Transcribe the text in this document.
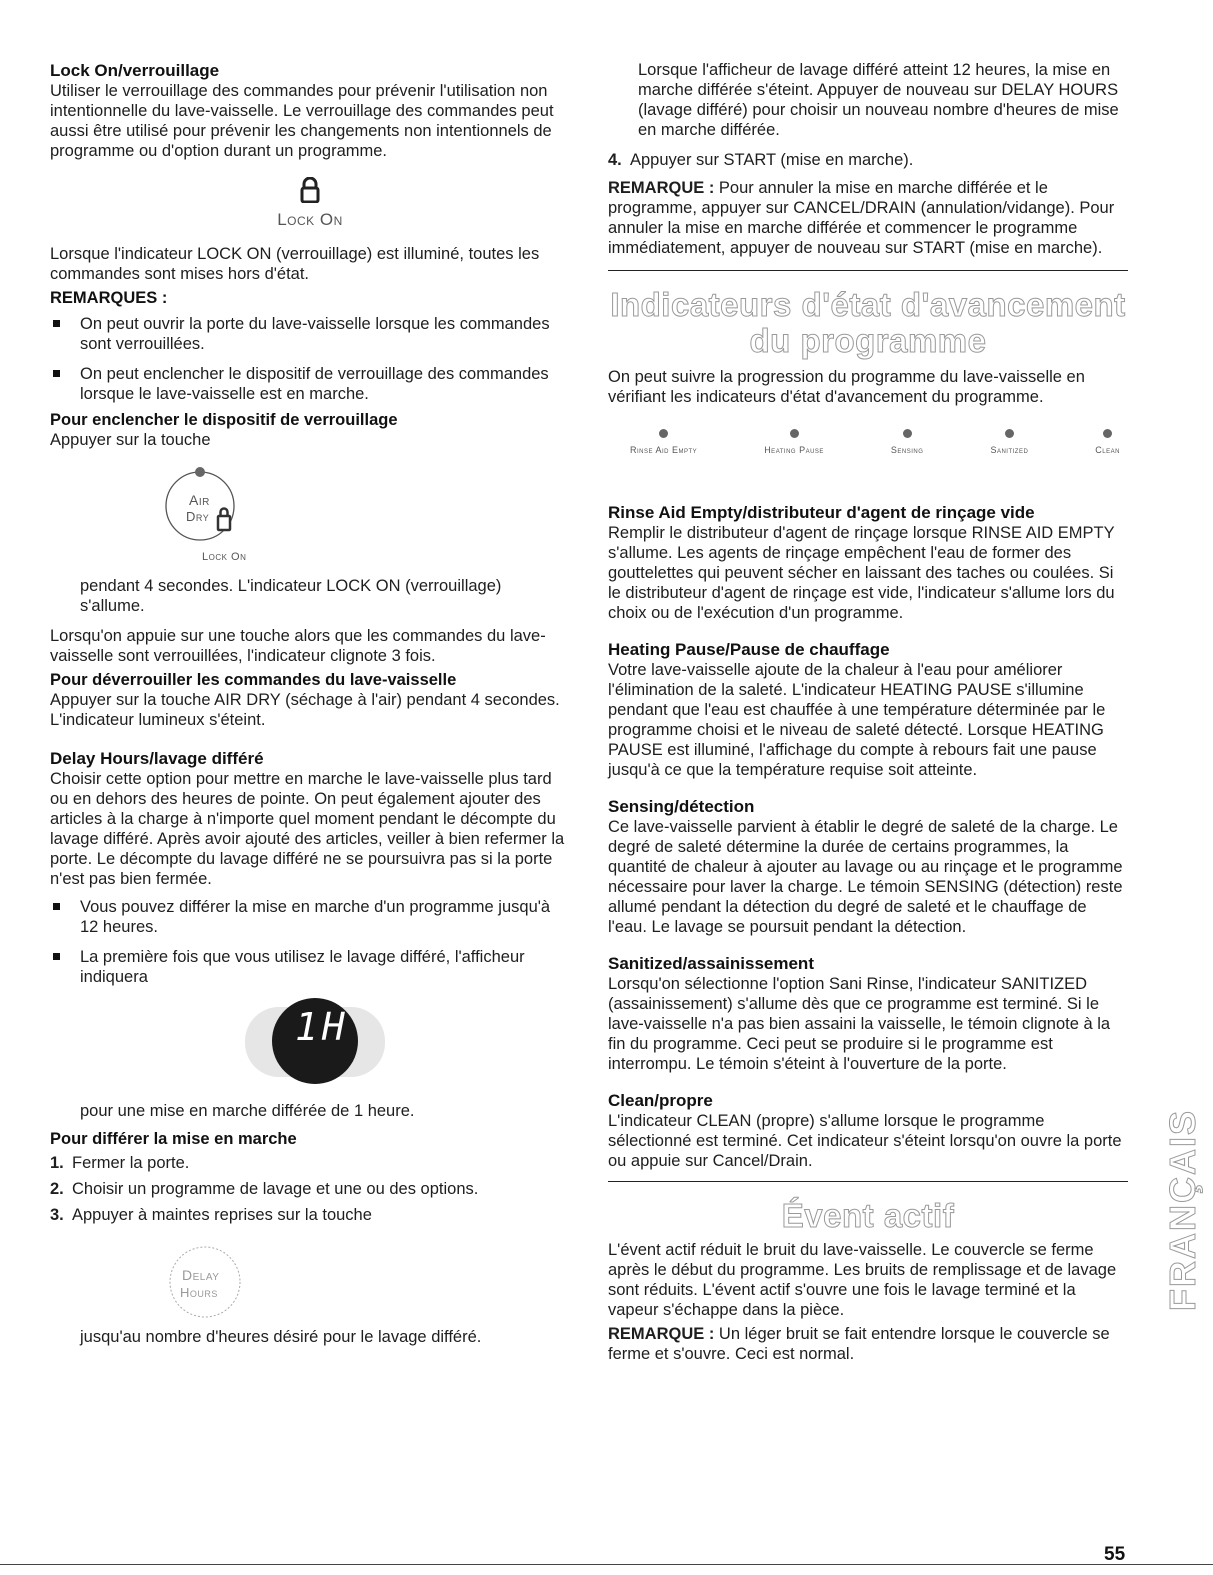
Lock On/verrouillage

Utiliser le verrouillage des commandes pour prévenir l'utilisation non intentionnelle du lave-vaisselle. Le verrouillage des commandes peut aussi être utilisé pour prévenir les changements non intentionnels de programme ou d'option durant un programme.

Lock On

Lorsque l'indicateur LOCK ON (verrouillage) est illuminé, toutes les commandes sont mises hors d'état.

REMARQUES :

On peut ouvrir la porte du lave-vaisselle lorsque les commandes sont verrouillées.

On peut enclencher le dispositif de verrouillage des commandes lorsque le lave-vaisselle est en marche.

Pour enclencher le dispositif de verrouillage

Appuyer sur la touche

Air
Dry
Lock On

pendant 4 secondes. L'indicateur LOCK ON (verrouillage) s'allume.

Lorsqu'on appuie sur une touche alors que les commandes du lave-vaisselle sont verrouillées, l'indicateur clignote 3 fois.

Pour déverrouiller les commandes du lave-vaisselle

Appuyer sur la touche AIR DRY (séchage à l'air) pendant 4 secondes. L'indicateur lumineux s'éteint.

Delay Hours/lavage différé

Choisir cette option pour mettre en marche le lave-vaisselle plus tard ou en dehors des heures de pointe. On peut également ajouter des articles à la charge à n'importe quel moment pendant le décompte du lavage différé. Après avoir ajouté des articles, veiller à bien refermer la porte. Le décompte du lavage différé ne se poursuivra pas si la porte n'est pas bien fermée.

Vous pouvez différer la mise en marche d'un programme jusqu'à 12 heures.

La première fois que vous utilisez le lavage différé, l'afficheur indiquera

1H

pour une mise en marche différée de 1 heure.

Pour différer la mise en marche

1. Fermer la porte.

2. Choisir un programme de lavage et une ou des options.

3. Appuyer à maintes reprises sur la touche

Delay
Hours

jusqu'au nombre d'heures désiré pour le lavage différé.

Lorsque l'afficheur de lavage différé atteint 12 heures, la mise en marche différée s'éteint. Appuyer de nouveau sur DELAY HOURS (lavage différé) pour choisir un nouveau nombre d'heures de mise en marche différée.

4. Appuyer sur START (mise en marche).

REMARQUE : Pour annuler la mise en marche différée et le programme, appuyer sur CANCEL/DRAIN (annulation/vidange). Pour annuler la mise en marche différée et commencer le programme immédiatement, appuyer de nouveau sur START (mise en marche).

Indicateurs d'état d'avancement
du programme

On peut suivre la progression du programme du lave-vaisselle en vérifiant les indicateurs d'état d'avancement du programme.

Rinse Aid Empty	Heating Pause	Sensing	Sanitized	Clean
Rinse Aid Empty/distributeur d'agent de rinçage vide

Remplir le distributeur d'agent de rinçage lorsque RINSE AID EMPTY s'allume. Les agents de rinçage empêchent l'eau de former des gouttelettes qui peuvent sécher en laissant des taches ou coulées. Si le distributeur d'agent de rinçage est vide, l'indicateur s'allume lors du choix ou de l'exécution d'un programme.

Heating Pause/Pause de chauffage

Votre lave-vaisselle ajoute de la chaleur à l'eau pour améliorer l'élimination de la saleté. L'indicateur HEATING PAUSE s'illumine pendant que l'eau est chauffée à une température déterminée par le programme choisi et le niveau de saleté détecté. Lorsque HEATING PAUSE est illuminé, l'affichage du compte à rebours fait une pause jusqu'à ce que la température requise soit atteinte.

Sensing/détection

Ce lave-vaisselle parvient à établir le degré de saleté de la charge. Le degré de saleté détermine la durée de certains programmes, la quantité de chaleur à ajouter au lavage ou au rinçage et le programme nécessaire pour laver la charge. Le témoin SENSING (détection) reste allumé pendant la détection du degré de saleté et le chauffage de l'eau. Le lavage se poursuit pendant la détection.

Sanitized/assainissement

Lorsqu'on sélectionne l'option Sani Rinse, l'indicateur SANITIZED (assainissement) s'allume dès que ce programme est terminé. Si le lave-vaisselle n'a pas bien assaini la vaisselle, le témoin clignote à la fin du programme. Ceci peut se produire si le programme est interrompu. Le témoin s'éteint à l'ouverture de la porte.

Clean/propre

L'indicateur CLEAN (propre) s'allume lorsque le programme sélectionné est terminé. Cet indicateur s'éteint lorsqu'on ouvre la porte ou appuie sur Cancel/Drain.

Évent actif

L'évent actif réduit le bruit du lave-vaisselle. Le couvercle se ferme après le début du programme. Les bruits de remplissage et de lavage sont réduits. L'évent actif s'ouvre une fois le lavage terminé et la vapeur s'échappe dans la pièce.

REMARQUE : Un léger bruit se fait entendre lorsque le couvercle se ferme et s'ouvre. Ceci est normal.

FRANÇAIS
55
